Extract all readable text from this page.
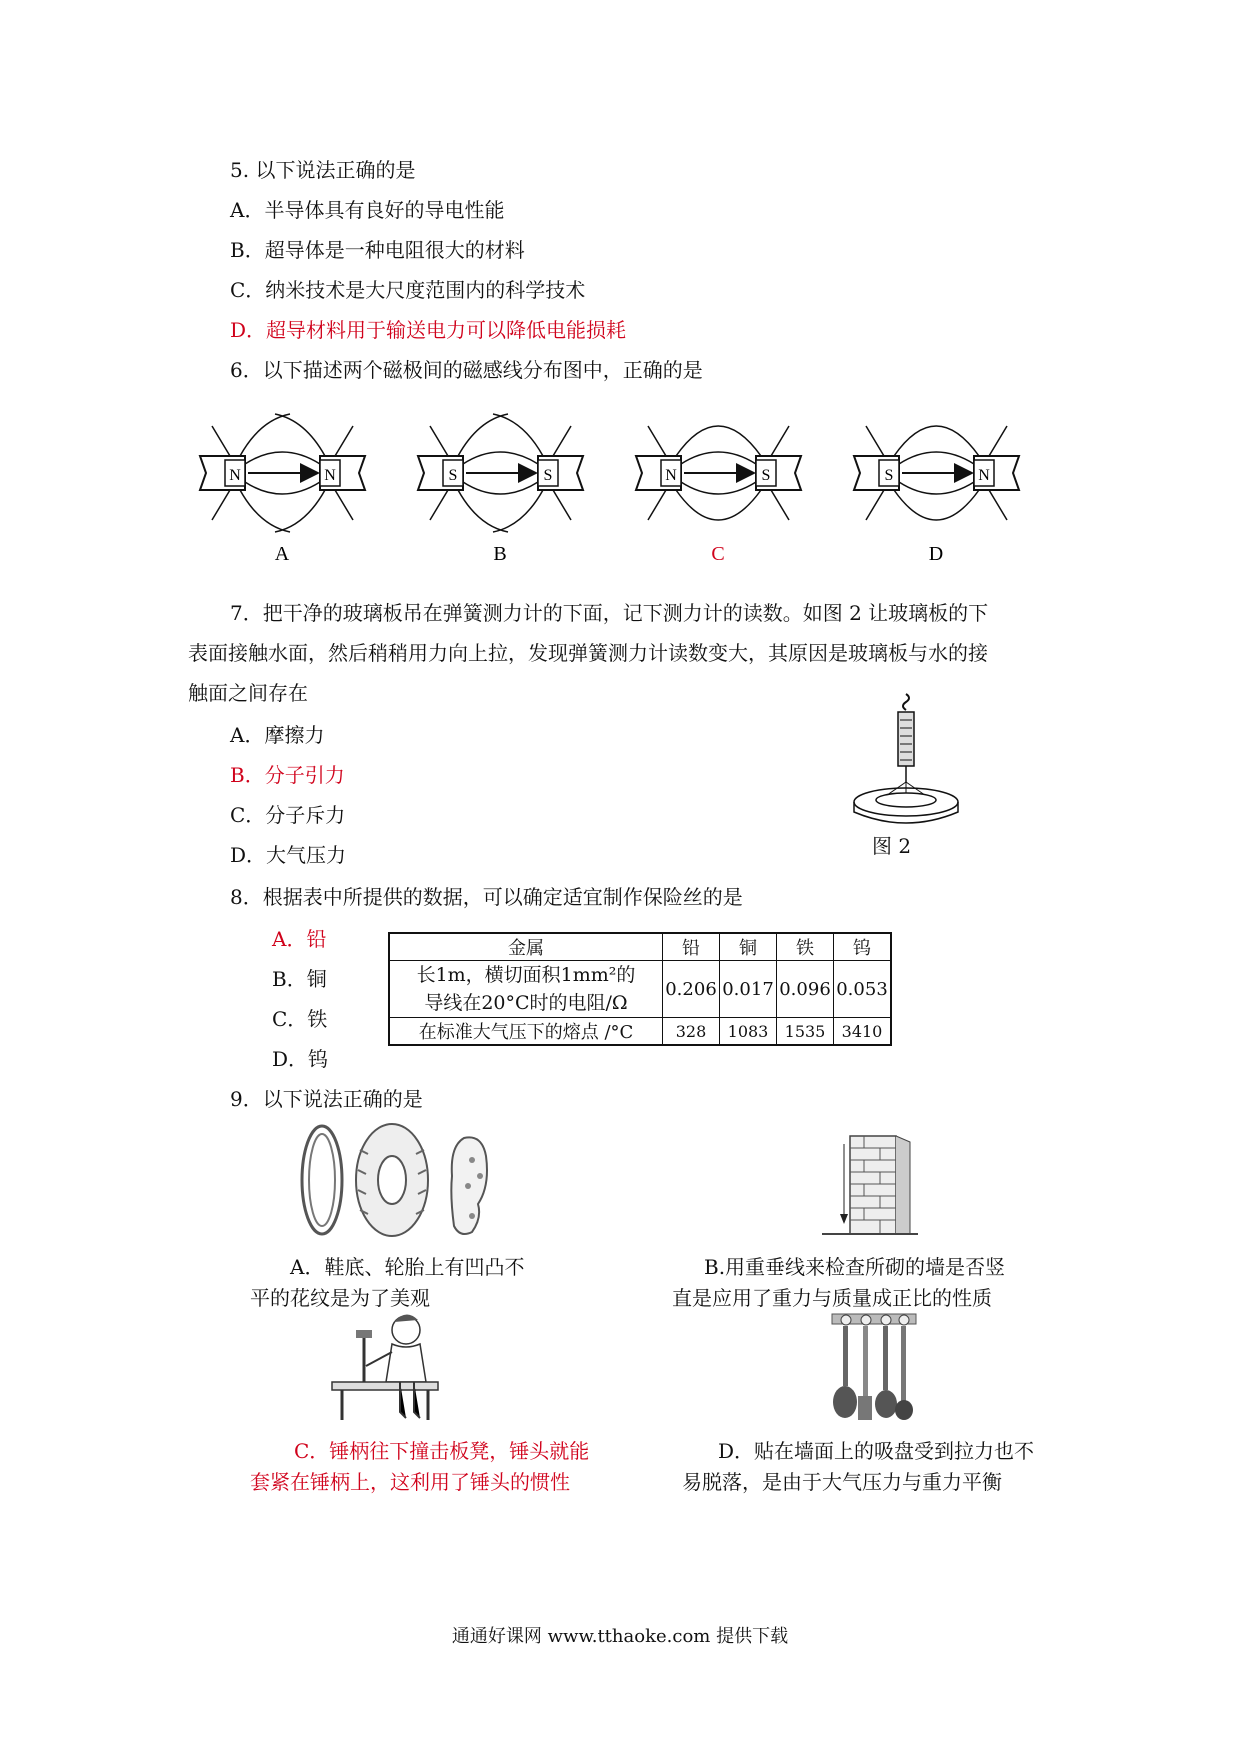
5. 以下说法正确的是
A．半导体具有良好的导电性能
B．超导体是一种电阻很大的材料
C．纳米技术是大尺度范围内的科学技术
D．超导材料用于输送电力可以降低电能损耗
6．以下描述两个磁极间的磁感线分布图中，正确的是
N	N
A
S	S
B
N	S
C
S	N
D
7．把干净的玻璃板吊在弹簧测力计的下面，记下测力计的读数。如图 2 让玻璃板的下
表面接触水面，然后稍稍用力向上拉，发现弹簧测力计读数变大，其原因是玻璃板与水的接
触面之间存在
A．摩擦力
B．分子引力
C．分子斥力
D．大气压力	图 2
8．根据表中所提供的数据，可以确定适宜制作保险丝的是
A．铅
B．铜
C．铁
D．钨
金属	铅	铜	铁	钨

长1m，横切面积1mm²的
导线在20°C时的电阻/Ω	0.206	0.017	0.096	0.053
在标准大气压下的熔点 /°C	328	1083	1535	3410
9．以下说法正确的是
A．鞋底、轮胎上有凹凸不
平的花纹是为了美观
B.用重垂线来检查所砌的墙是否竖
直是应用了重力与质量成正比的性质
C．锤柄往下撞击板凳，锤头就能
套紧在锤柄上，这利用了锤头的惯性
D．贴在墙面上的吸盘受到拉力也不
易脱落，是由于大气压力与重力平衡
通通好课网 www.tthaoke.com 提供下载
